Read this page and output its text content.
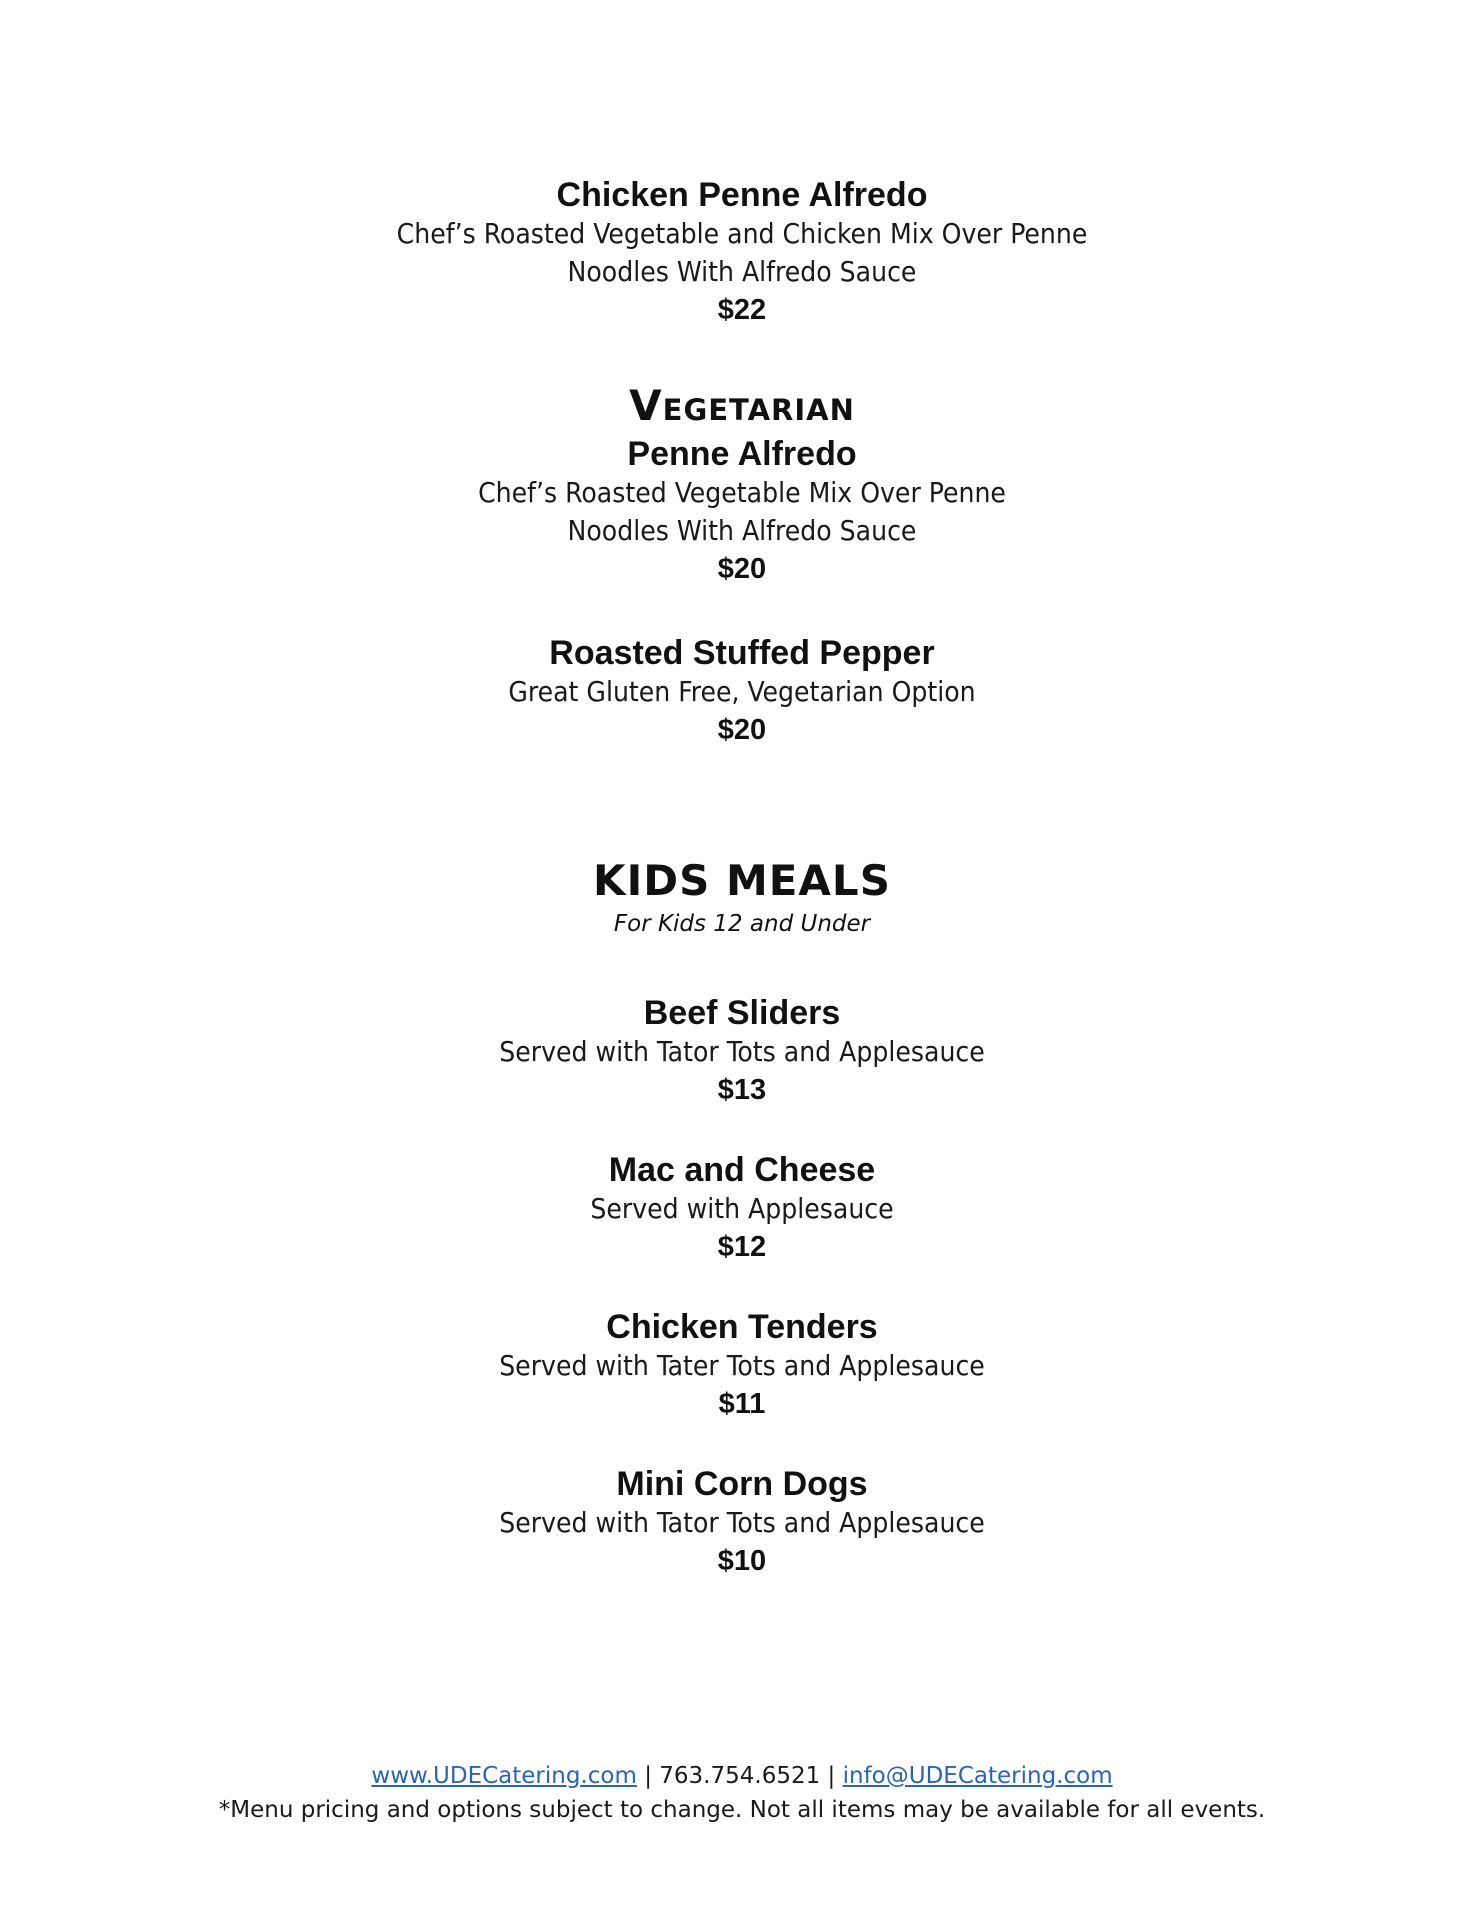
Chicken Penne Alfredo

Chef’s Roasted Vegetable and Chicken Mix Over Penne

Noodles With Alfredo Sauce

$22

Vegetarian

Penne Alfredo

Chef’s Roasted Vegetable Mix Over Penne

Noodles With Alfredo Sauce

$20

Roasted Stuffed Pepper

Great Gluten Free, Vegetarian Option

$20

KIDS MEALS

For Kids 12 and Under

Beef Sliders

Served with Tator Tots and Applesauce

$13

Mac and Cheese

Served with Applesauce

$12

Chicken Tenders

Served with Tater Tots and Applesauce

$11

Mini Corn Dogs

Served with Tator Tots and Applesauce

$10

www.UDECatering.com | 763.754.6521 | info@UDECatering.com

*Menu pricing and options subject to change. Not all items may be available for all events.
